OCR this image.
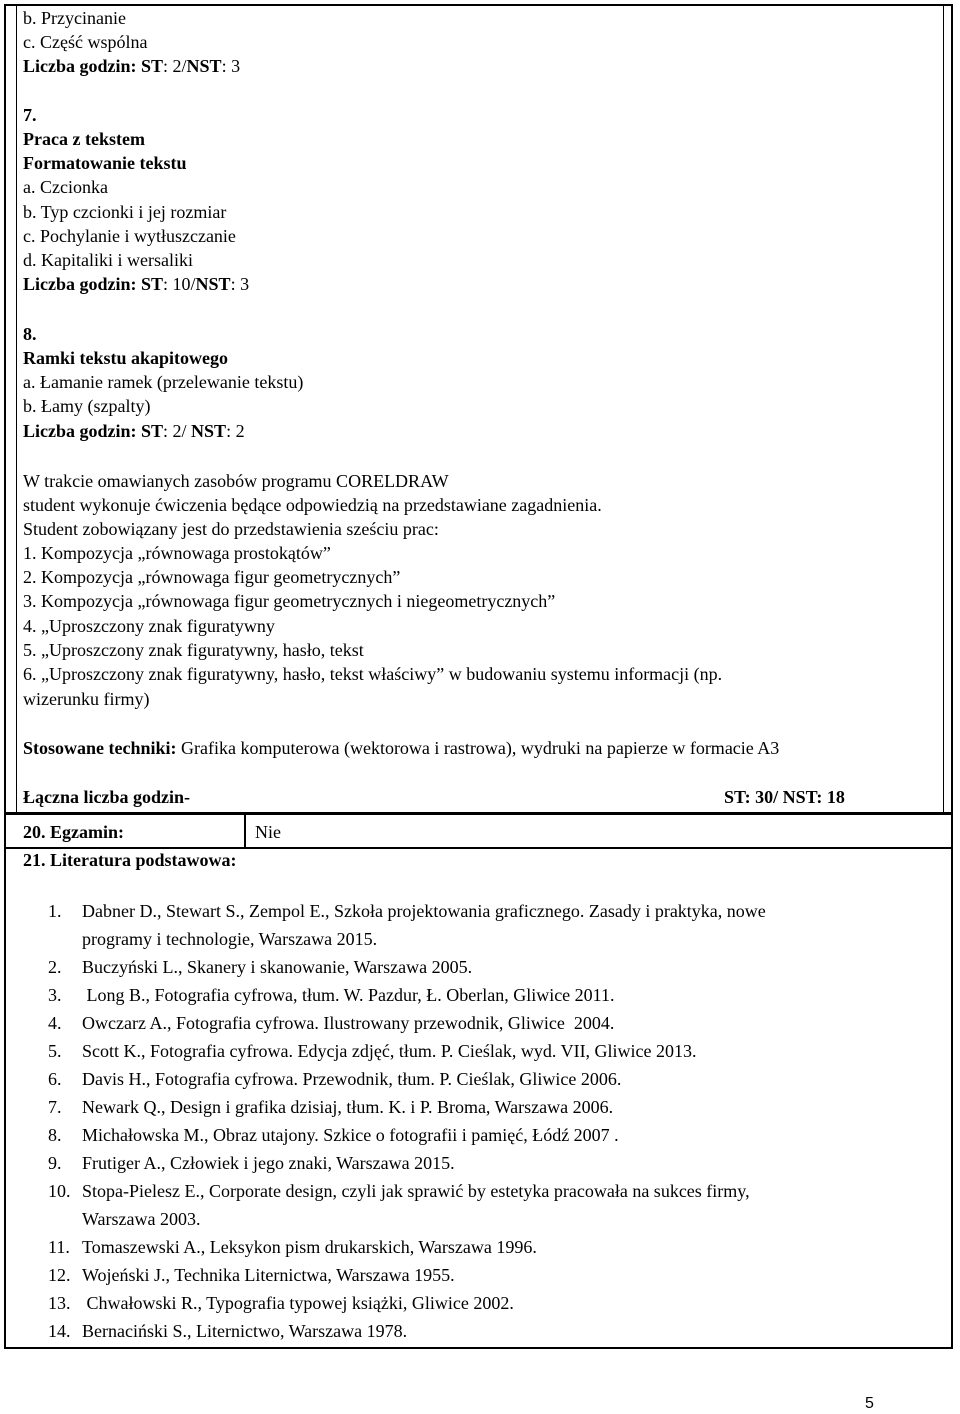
b. Przycinanie
c. Część wspólna
Liczba godzin: ST: 2/NST: 3
7.
Praca z tekstem
Formatowanie tekstu
a. Czcionka
b. Typ czcionki i jej rozmiar
c. Pochylanie i wytłuszczanie
d. Kapitaliki i wersaliki
Liczba godzin: ST: 10/NST: 3
8.
Ramki tekstu akapitowego
a. Łamanie ramek (przelewanie tekstu)
b. Łamy (szpalty)
Liczba godzin: ST: 2/ NST: 2
W trakcie omawianych zasobów programu CORELDRAW
student wykonuje ćwiczenia będące odpowiedzią na przedstawiane zagadnienia.
Student zobowiązany jest do przedstawienia sześciu prac:
1. Kompozycja „równowaga prostokątów”
2. Kompozycja „równowaga figur geometrycznych”
3. Kompozycja „równowaga figur geometrycznych i niegeometrycznych”
4. „Uproszczony znak figuratywny
5. „Uproszczony znak figuratywny, hasło, tekst
6. „Uproszczony znak figuratywny, hasło, tekst właściwy” w budowaniu systemu informacji (np.
wizerunku firmy)
Stosowane techniki: Grafika komputerowa (wektorowa i rastrowa), wydruki na papierze w formacie A3
Łączna liczba godzin-	ST: 30/ NST: 18
20. Egzamin:	Nie
21. Literatura podstawowa:
1. Dabner D., Stewart S., Zempol E., Szkoła projektowania graficznego. Zasady i praktyka, nowe
programy i technologie, Warszawa 2015.
2. Buczyński L., Skanery i skanowanie, Warszawa 2005.
3. Long B., Fotografia cyfrowa, tłum. W. Pazdur, Ł. Oberlan, Gliwice 2011.
4. Owczarz A., Fotografia cyfrowa. Ilustrowany przewodnik, Gliwice  2004.
5. Scott K., Fotografia cyfrowa. Edycja zdjęć, tłum. P. Cieślak, wyd. VII, Gliwice 2013.
6. Davis H., Fotografia cyfrowa. Przewodnik, tłum. P. Cieślak, Gliwice 2006.
7. Newark Q., Design i grafika dzisiaj, tłum. K. i P. Broma, Warszawa 2006.
8. Michałowska M., Obraz utajony. Szkice o fotografii i pamięć, Łódź 2007 .
9. Frutiger A., Człowiek i jego znaki, Warszawa 2015.
10. Stopa-Pielesz E., Corporate design, czyli jak sprawić by estetyka pracowała na sukces firmy,
Warszawa 2003.
11. Tomaszewski A., Leksykon pism drukarskich, Warszawa 1996.
12. Wojeński J., Technika Liternictwa, Warszawa 1955.
13. Chwałowski R., Typografia typowej książki, Gliwice 2002.
14. Bernaciński S., Liternictwo, Warszawa 1978.
5
